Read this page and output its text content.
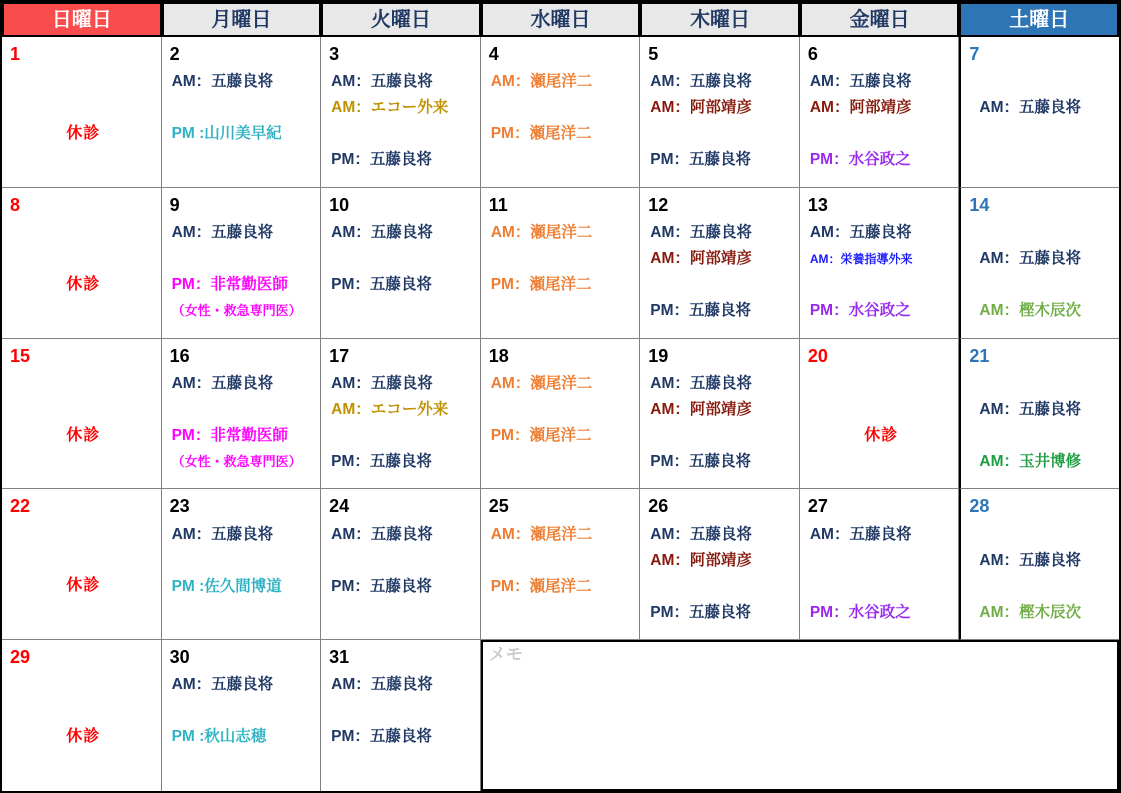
日曜日	月曜日	火曜日	水曜日	木曜日	金曜日	土曜日
1
休診
2
AM：五藤良将
PM :山川美早紀
3
AM：五藤良将
AM：エコー外来
PM：五藤良将
4
AM：瀬尾洋二
PM：瀬尾洋二
5
AM：五藤良将
AM：阿部靖彦
PM：五藤良将
6
AM：五藤良将
AM：阿部靖彦
PM：水谷政之
7
AM：五藤良将
8
休診
9
AM：五藤良将
PM：非常勤医師
（女性・救急専門医）
10
AM：五藤良将
PM：五藤良将
11
AM：瀬尾洋二
PM：瀬尾洋二
12
AM：五藤良将
AM：阿部靖彦
PM：五藤良将
13
AM：五藤良将
AM：栄養指導外来
PM：水谷政之
14
AM：五藤良将
AM：樫木辰次
15
休診
16
AM：五藤良将
PM：非常勤医師
（女性・救急専門医）
17
AM：五藤良将
AM：エコー外来
PM：五藤良将
18
AM：瀬尾洋二
PM：瀬尾洋二
19
AM：五藤良将
AM：阿部靖彦
PM：五藤良将
20
休診
21
AM：五藤良将
AM：玉井博修
22
休診
23
AM：五藤良将
PM :佐久間博道
24
AM：五藤良将
PM：五藤良将
25
AM：瀬尾洋二
PM：瀬尾洋二
26
AM：五藤良将
AM：阿部靖彦
PM：五藤良将
27
AM：五藤良将
PM：水谷政之
28
AM：五藤良将
AM：樫木辰次
29
休診
30
AM：五藤良将
PM :秋山志穂
31
AM：五藤良将
PM：五藤良将
メモ
